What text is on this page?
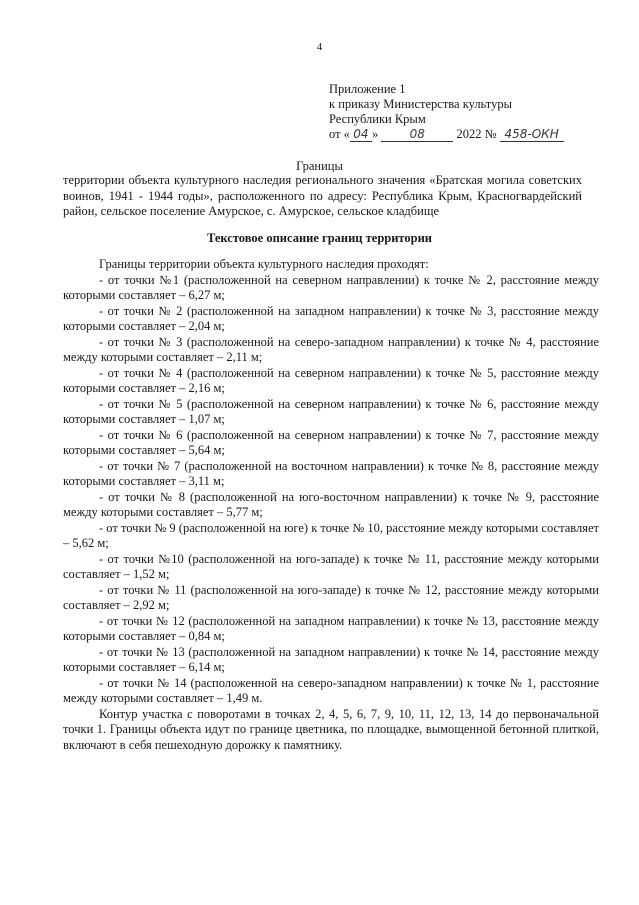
4
Приложение 1
к приказу Министерства культуры
Республики Крым
от « 04 »	08	2022 № 458-ОКН
Границы
территории объекта культурного наследия регионального значения «Братская могила советских воинов, 1941 - 1944 годы», расположенного по адресу: Республика Крым, Красногвардейский район, сельское поселение Амурское, с. Амурское, сельское кладбище
Текстовое описание границ территории

Границы территории объекта культурного наследия проходят:

- от точки №1 (расположенной на северном направлении) к точке № 2, расстояние между которыми составляет – 6,27 м;

- от точки № 2 (расположенной на западном направлении) к точке № 3, расстояние между которыми составляет – 2,04 м;

- от точки № 3 (расположенной на северо-западном направлении) к точке № 4, расстояние между которыми составляет – 2,11 м;

- от точки № 4 (расположенной на северном направлении) к точке № 5, расстояние между которыми составляет – 2,16 м;

- от точки № 5 (расположенной на северном направлении) к точке № 6, расстояние между которыми составляет – 1,07 м;

- от точки № 6 (расположенной на северном направлении) к точке № 7, расстояние между которыми составляет – 5,64 м;

- от точки № 7 (расположенной на восточном направлении) к точке № 8, расстояние между которыми составляет – 3,11 м;

- от точки № 8 (расположенной на юго-восточном направлении) к точке № 9, расстояние между которыми составляет – 5,77 м;

- от точки № 9 (расположенной на юге) к точке № 10, расстояние между которыми составляет – 5,62 м;

- от точки №10 (расположенной на юго-западе) к точке № 11, расстояние между которыми составляет – 1,52 м;

- от точки № 11 (расположенной на юго-западе) к точке № 12, расстояние между которыми составляет – 2,92 м;

- от точки № 12 (расположенной на западном направлении) к точке № 13, расстояние между которыми составляет – 0,84 м;

- от точки № 13 (расположенной на западном направлении) к точке № 14, расстояние между которыми составляет – 6,14 м;

- от точки № 14 (расположенной на северо-западном направлении) к точке № 1, расстояние между которыми составляет – 1,49 м.

Контур участка с поворотами в точках 2, 4, 5, 6, 7, 9, 10, 11, 12, 13, 14 до первоначальной точки 1. Границы объекта идут по границе цветника, по площадке, вымощенной бетонной плиткой, включают в себя пешеходную дорожку к памятнику.
